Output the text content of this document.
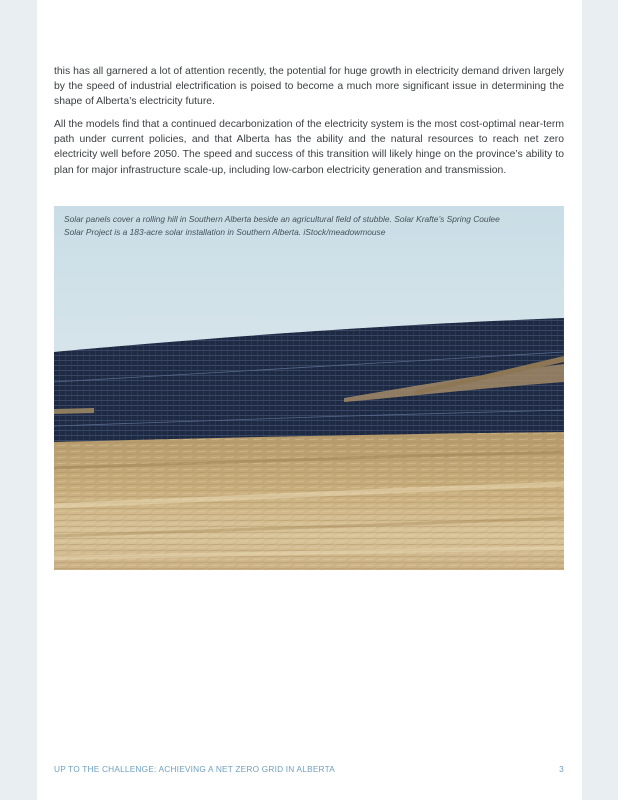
this has all garnered a lot of attention recently, the potential for huge growth in electricity demand driven largely by the speed of industrial electrification is poised to become a much more significant issue in determining the shape of Alberta’s electricity future.

All the models find that a continued decarbonization of the electricity system is the most cost-optimal near-term path under current policies, and that Alberta has the ability and the natural resources to reach net zero electricity well before 2050. The speed and success of this transition will likely hinge on the province’s ability to plan for major infrastructure scale-up, including low-carbon electricity generation and transmission.

Solar panels cover a rolling hill in Southern Alberta beside an agricultural field of stubble. Solar Krafte’s Spring Coulee Solar Project is a 183-acre solar installation in Southern Alberta. iStock/meadowmouse

UP TO THE CHALLENGE: ACHIEVING A NET ZERO GRID IN ALBERTA	3
